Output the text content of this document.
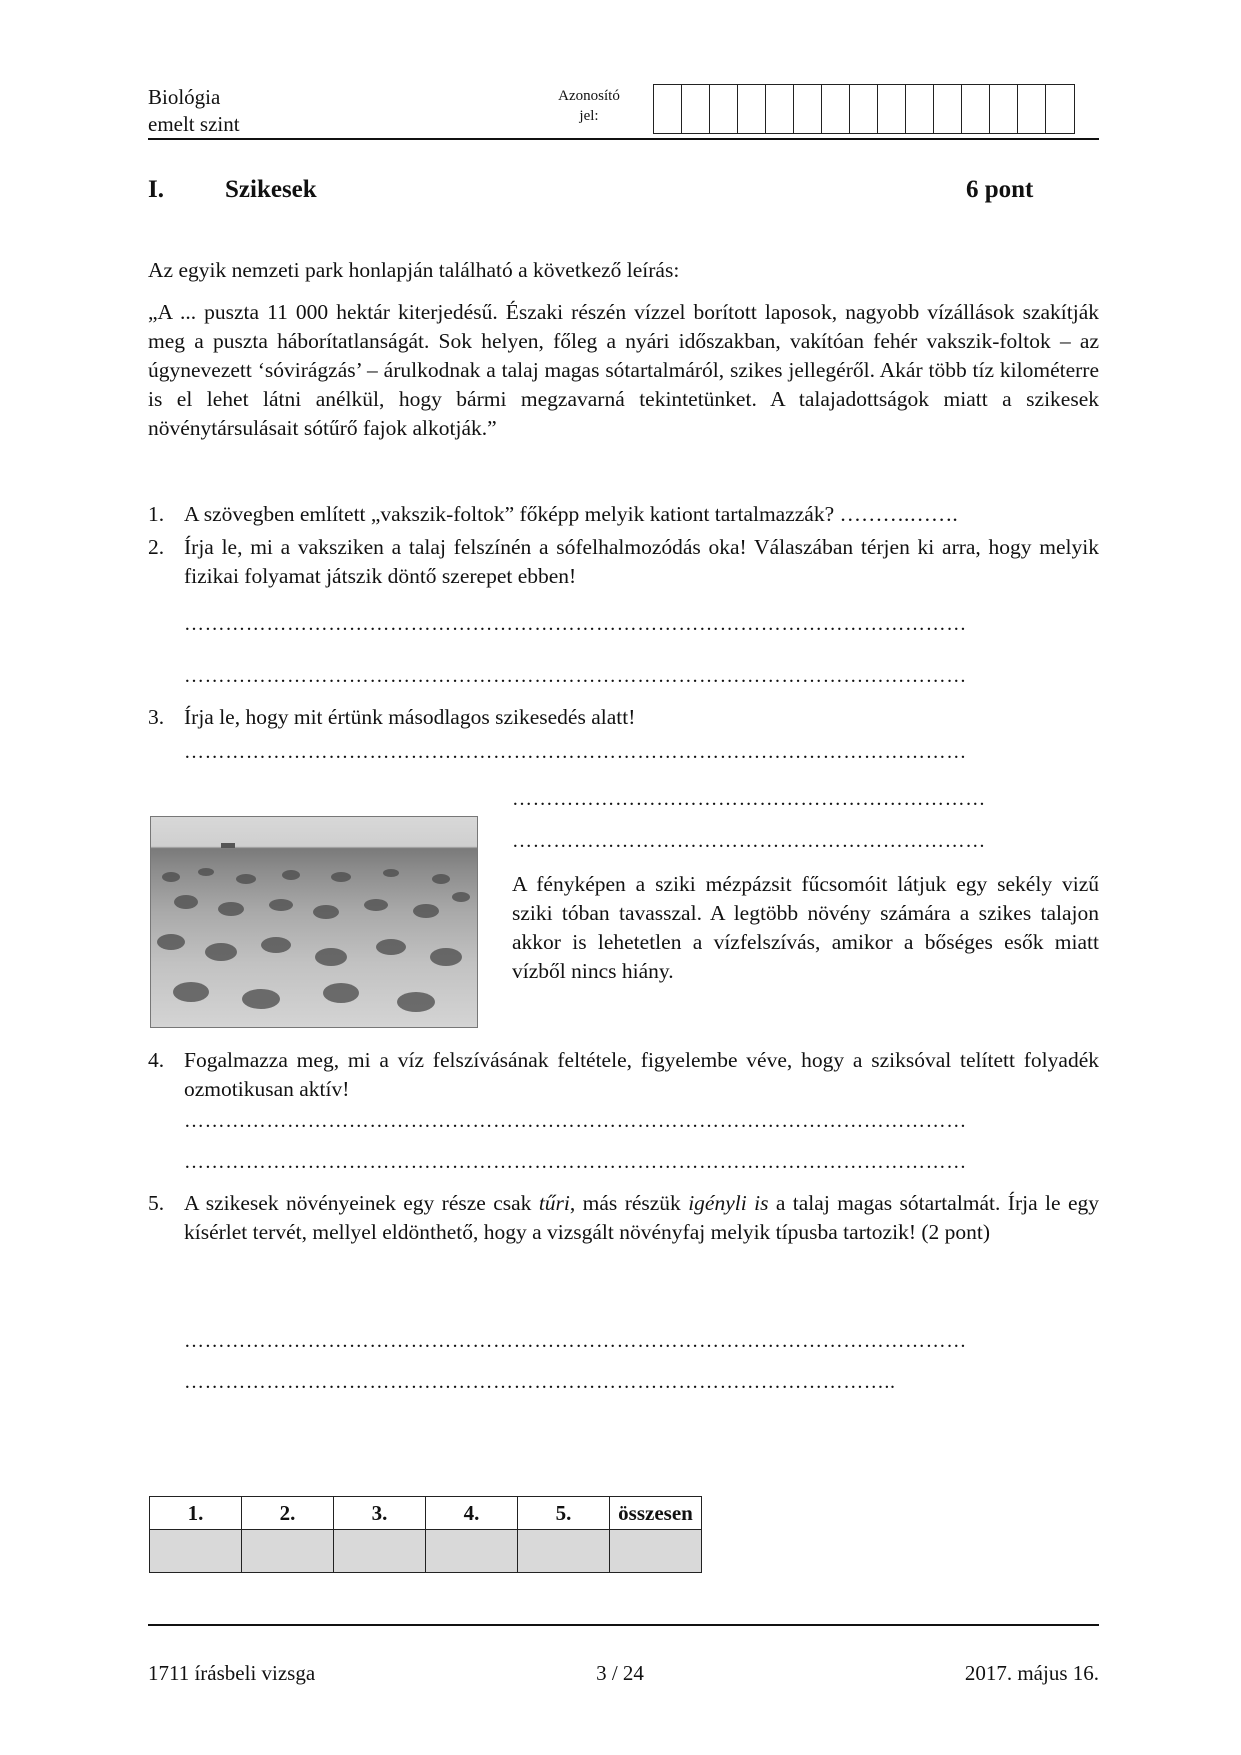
Biológia
emelt szint
Azonosító
jel:
I. Szikesek	6 pont
Az egyik nemzeti park honlapján található a következő leírás:
„A ... puszta 11 000 hektár kiterjedésű. Északi részén vízzel borított laposok, nagyobb vízállások szakítják meg a puszta háborítatlanságát. Sok helyen, főleg a nyári időszakban, vakítóan fehér vakszik-foltok – az úgynevezett ‘sóvirágzás’ – árulkodnak a talaj magas sótartalmáról, szikes jellegéről. Akár több tíz kilométerre is el lehet látni anélkül, hogy bármi megzavarná tekintetünket. A talajadottságok miatt a szikesek növénytársulásait sótűrő fajok alkotják.”
1. A szövegben említett „vakszik-foltok” főképp melyik kationt tartalmazzák? ……….…….
2. Írja le, mi a vaksziken a talaj felszínén a sófelhalmozódás oka! Válaszában térjen ki arra, hogy melyik fizikai folyamat játszik döntő szerepet ebben!
……………………………………………………………………………………………………
……………………………………………………………………………………………………
3. Írja le, hogy mit értünk másodlagos szikesedés alatt!
……………………………………………………………………………………………………
……………………………………………………………
……………………………………………………………
A fényképen a sziki mézpázsit fűcsomóit látjuk egy sekély vizű sziki tóban tavasszal. A legtöbb növény számára a szikes talajon akkor is lehetetlen a vízfelszívás, amikor a bőséges esők miatt vízből nincs hiány.
4. Fogalmazza meg, mi a víz felszívásának feltétele, figyelembe véve, hogy a sziksóval telített folyadék ozmotikusan aktív!
……………………………………………………………………………………………………
……………………………………………………………………………………………………
5. A szikesek növényeinek egy része csak tűri, más részük igényli is a talaj magas sótartalmát. Írja le egy kísérlet tervét, mellyel eldönthető, hogy a vizsgált növényfaj melyik típusba tartozik! (2 pont)
……………………………………………………………………………………………………
…………………………………………………………………………………………..
1.	2.	3.	4.	5.	összesen

1711 írásbeli vizsga	3 / 24	2017. május 16.
